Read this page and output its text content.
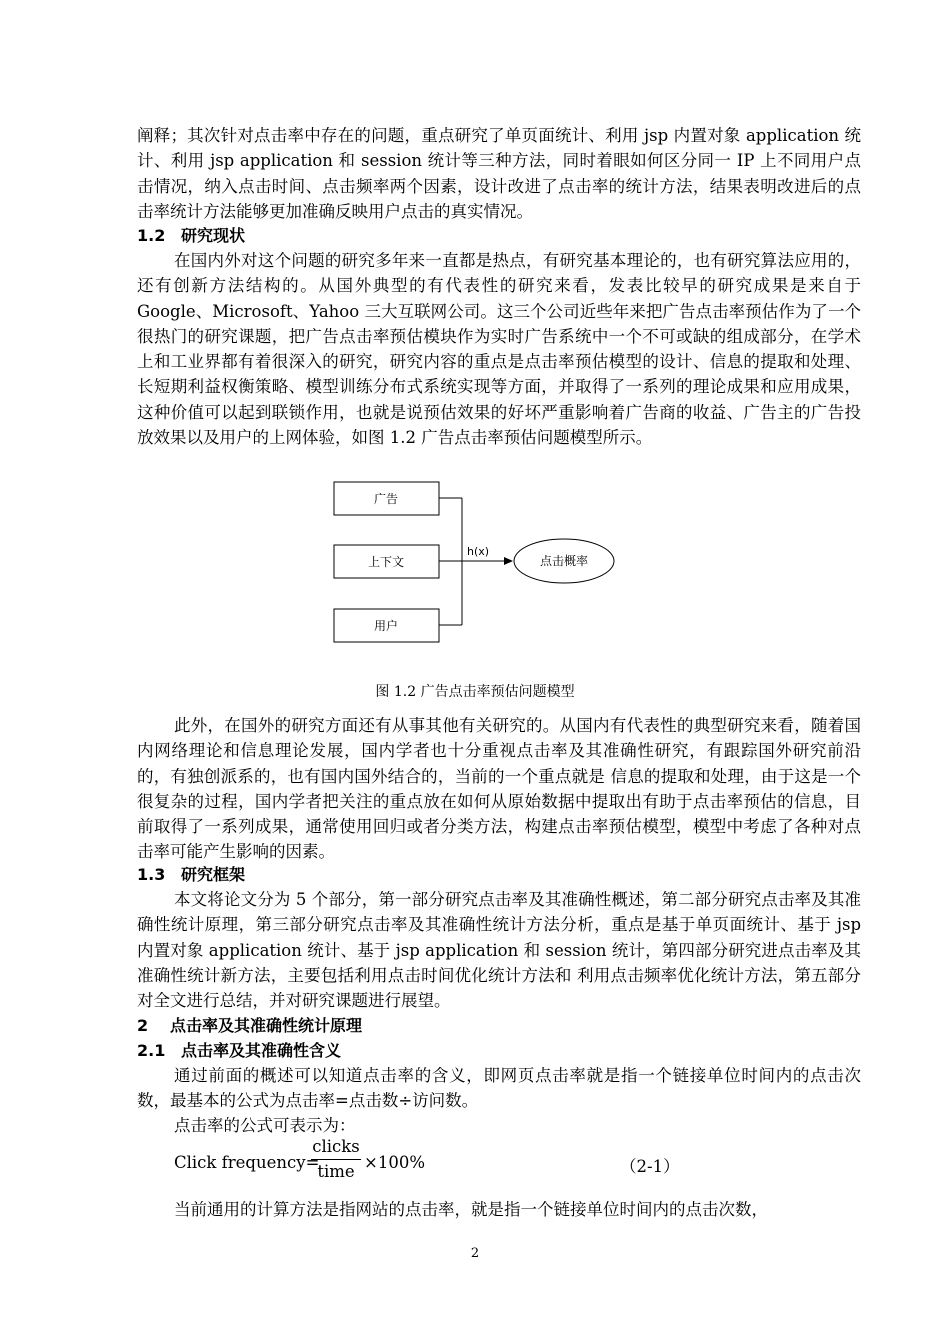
阐释；其次针对点击率中存在的问题，重点研究了单页面统计、利用 jsp 内置对象 application 统计、利用 jsp application 和 session 统计等三种方法，同时着眼如何区分同一 IP 上不同用户点击情况，纳入点击时间、点击频率两个因素，设计改进了点击率的统计方法，结果表明改进后的点击率统计方法能够更加准确反映用户点击的真实情况。

1.2 研究现状

在国内外对这个问题的研究多年来一直都是热点，有研究基本理论的，也有研究算法应用的，还有创新方法结构的。从国外典型的有代表性的研究来看，发表比较早的研究成果是来自于 Google、Microsoft、Yahoo 三大互联网公司。这三个公司近些年来把广告点击率预估作为了一个很热门的研究课题，把广告点击率预估模块作为实时广告系统中一个不可或缺的组成部分，在学术上和工业界都有着很深入的研究，研究内容的重点是点击率预估模型的设计、信息的提取和处理、长短期利益权衡策略、模型训练分布式系统实现等方面，并取得了一系列的理论成果和应用成果，这种价值可以起到联锁作用，也就是说预估效果的好坏严重影响着广告商的收益、广告主的广告投放效果以及用户的上网体验，如图 1.2 广告点击率预估问题模型所示。

广告
上下文
用户
h(x)
点击概率
图 1.2 广告点击率预估问题模型

此外，在国外的研究方面还有从事其他有关研究的。从国内有代表性的典型研究来看，随着国内网络理论和信息理论发展，国内学者也十分重视点击率及其准确性研究，有跟踪国外研究前沿的，有独创派系的，也有国内国外结合的，当前的一个重点就是 信息的提取和处理，由于这是一个很复杂的过程，国内学者把关注的重点放在如何从原始数据中提取出有助于点击率预估的信息，目前取得了一系列成果，通常使用回归或者分类方法，构建点击率预估模型，模型中考虑了各种对点击率可能产生影响的因素。

1.3 研究框架

本文将论文分为 5 个部分，第一部分研究点击率及其准确性概述，第二部分研究点击率及其准确性统计原理，第三部分研究点击率及其准确性统计方法分析，重点是基于单页面统计、基于 jsp 内置对象 application 统计、基于 jsp application 和 session 统计，第四部分研究进点击率及其准确性统计新方法，主要包括利用点击时间优化统计方法和 利用点击频率优化统计方法，第五部分对全文进行总结，并对研究课题进行展望。

2 点击率及其准确性统计原理
2.1 点击率及其准确性含义

通过前面的概述可以知道点击率的含义，即网页点击率就是指一个链接单位时间内的点击次数，最基本的公式为点击率=点击数÷访问数。

点击率的公式可表示为：

Click frequency=
clicks
time ×100%	（2-1）

当前通用的计算方法是指网站的点击率，就是指一个链接单位时间内的点击次数，

2
